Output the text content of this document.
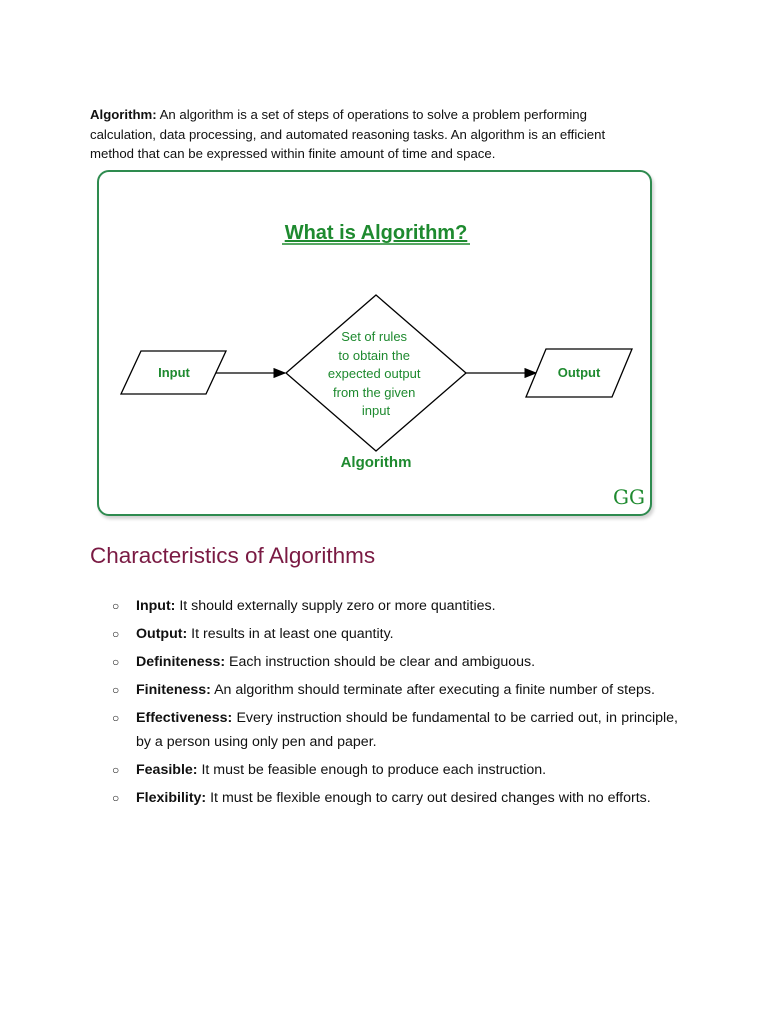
Algorithm: An algorithm is a set of steps of operations to solve a problem performing calculation, data processing, and automated reasoning tasks. An algorithm is an efficient method that can be expressed within finite amount of time and space.

What is Algorithm?
Input
Set of rules to obtain the expected output from the given input
Output
Algorithm
GG
Characteristics of Algorithms
○ Input: It should externally supply zero or more quantities.
○ Output: It results in at least one quantity.
○ Definiteness: Each instruction should be clear and ambiguous.
○ Finiteness: An algorithm should terminate after executing a finite number of steps.
○ Effectiveness: Every instruction should be fundamental to be carried out, in principle, by a person using only pen and paper.
○ Feasible: It must be feasible enough to produce each instruction.
○ Flexibility: It must be flexible enough to carry out desired changes with no efforts.
